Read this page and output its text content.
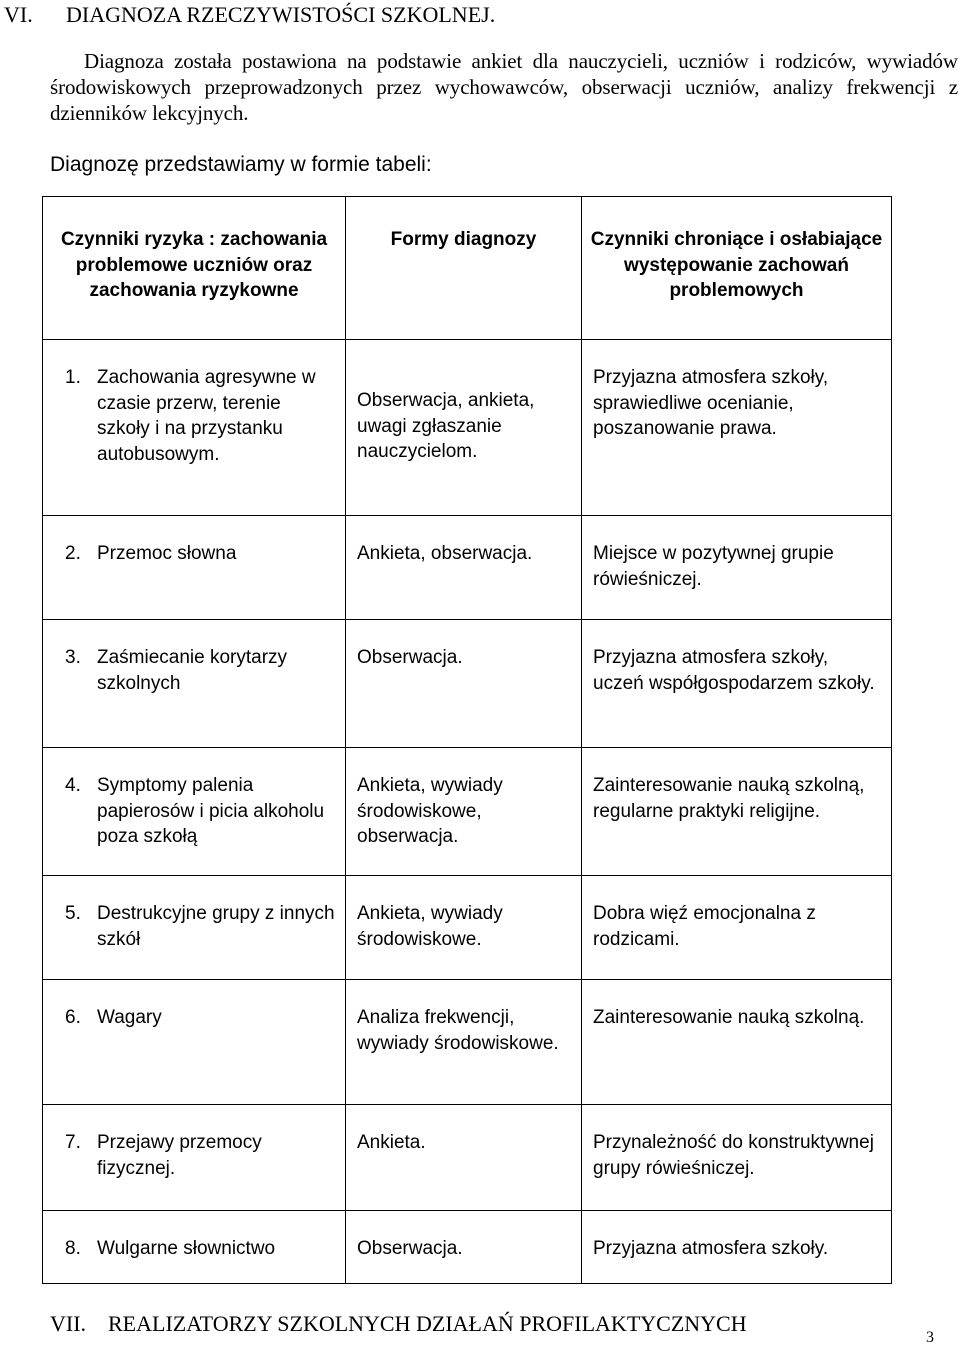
VI. DIAGNOZA RZECZYWISTOŚCI SZKOLNEJ.

Diagnoza została postawiona na podstawie ankiet dla nauczycieli, uczniów i rodziców, wywiadów środowiskowych przeprowadzonych przez wychowawców, obserwacji uczniów, analizy frekwencji z dzienników lekcyjnych.

Diagnozę przedstawiamy w formie tabeli:
Czynniki ryzyka : zachowania problemowe uczniów oraz zachowania ryzykowne	Formy diagnozy	Czynniki chroniące i osłabiające występowanie zachowań problemowych

1. Zachowania agresywne w czasie przerw, terenie szkoły i na przystanku autobusowym.	Obserwacja, ankieta, uwagi zgłaszanie nauczycielom.	Przyjazna atmosfera szkoły, sprawiedliwe ocenianie, poszanowanie prawa.

2. Przemoc słowna	Ankieta, obserwacja.	Miejsce w pozytywnej grupie rówieśniczej.

3. Zaśmiecanie korytarzy szkolnych	Obserwacja.	Przyjazna atmosfera szkoły, uczeń współgospodarzem szkoły.

4. Symptomy palenia papierosów i picia alkoholu poza szkołą	Ankieta, wywiady środowiskowe, obserwacja.	Zainteresowanie nauką szkolną, regularne praktyki religijne.

5. Destrukcyjne grupy z innych szkół	Ankieta, wywiady środowiskowe.	Dobra więź emocjonalna z rodzicami.

6. Wagary	Analiza frekwencji, wywiady środowiskowe.	Zainteresowanie nauką szkolną.

7. Przejawy przemocy fizycznej.	Ankieta.	Przynależność do konstruktywnej grupy rówieśniczej.

8. Wulgarne słownictwo	Obserwacja.	Przyjazna atmosfera szkoły.
VII. REALIZATORZY SZKOLNYCH DZIAŁAŃ PROFILAKTYCZNYCH
3
